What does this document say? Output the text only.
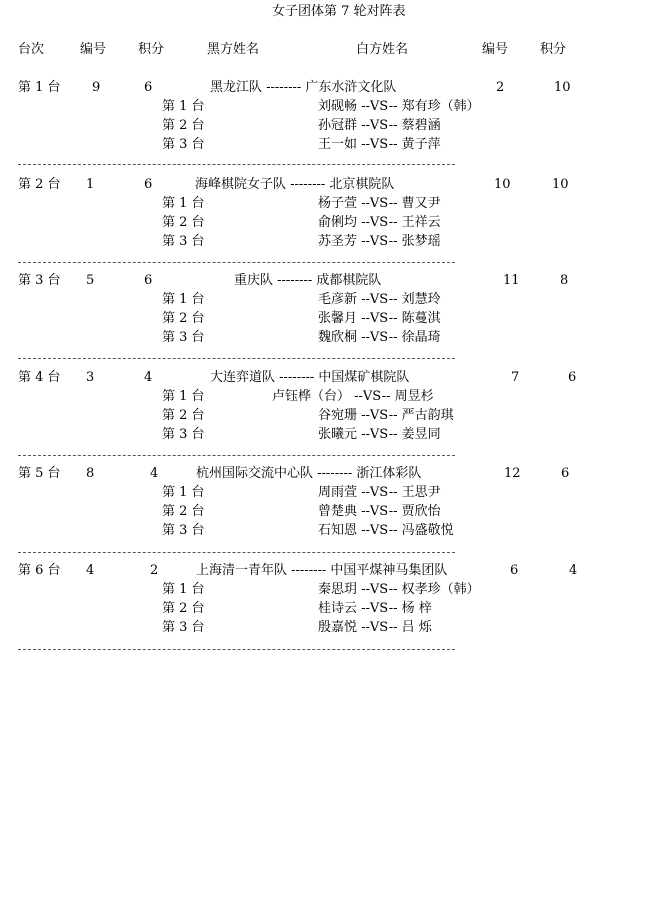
女子团体第 7 轮对阵表
台次	编号 积分	黑方姓名	白方姓名	编号 积分
第 1 台 9	6	黑龙江队 -------- 广东水浒文化队	2	10
第 1 台	刘砚畅 --VS-- 郑有珍（韩）
第 2 台	孙冠群 --VS-- 蔡碧涵
第 3 台	王一如 --VS-- 黄子萍
第 2 台 1	6	海峰棋院女子队 -------- 北京棋院队	10	10
第 1 台	杨子萱 --VS-- 曹又尹
第 2 台	俞俐均 --VS-- 王祥云
第 3 台	苏圣芳 --VS-- 张梦瑶
第 3 台 5	6	重庆队 -------- 成都棋院队	11	8
第 1 台	毛彦新 --VS-- 刘慧玲
第 2 台	张馨月 --VS-- 陈蔓淇
第 3 台	魏欣桐 --VS-- 徐晶琦
第 4 台 3	4	大连弈道队 -------- 中国煤矿棋院队	7	6
第 1 台	卢钰桦（台） --VS-- 周昱杉
第 2 台	谷宛珊 --VS-- 严古韵琪
第 3 台	张曦元 --VS-- 姜昱同
第 5 台 8	4	杭州国际交流中心队 -------- 浙江体彩队	12	6
第 1 台	周雨萱 --VS-- 王思尹
第 2 台	曾楚典 --VS-- 贾欣怡
第 3 台	石知恩 --VS-- 冯盛敬悦
第 6 台 4	2	上海清一青年队 -------- 中国平煤神马集团队	6	4
第 1 台	秦思玥 --VS-- 权孝珍（韩）
第 2 台	桂诗云 --VS-- 杨 梓
第 3 台	殷嘉悦 --VS-- 吕 烁
